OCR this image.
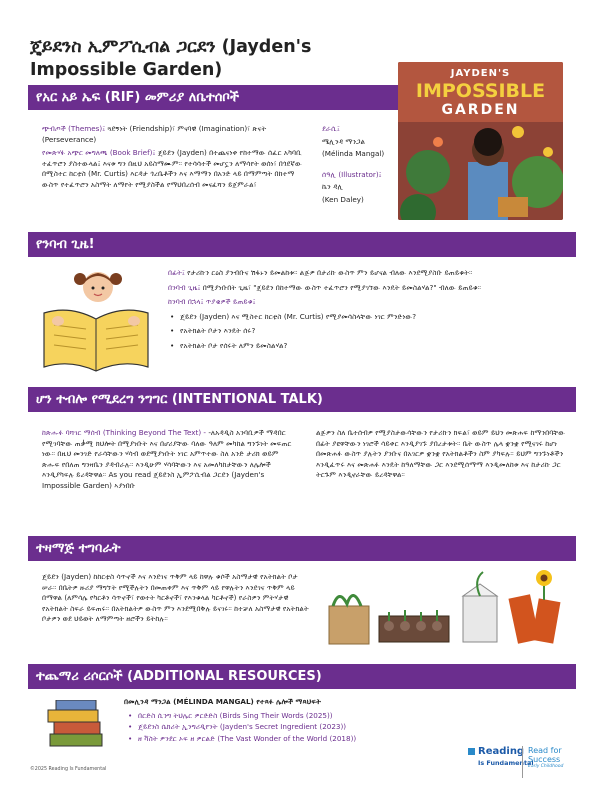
ጄይደንስ ኢምፖሲብል ጋርደን (Jayden's Impossible Garden)	JAYDEN'S
IMPOSSIBLE
GARDEN
የአር አይ ኤፍ (RIF) መምሪያ ለቤተሰቦች

ጭብጦች (Themes)፤ ጓደኝነት (Friendship)፣ ምናባዊ (Imagination)፣ ጽናት (Perseverance)

የመጽሃፉ አጭር መግለጫ (Book Brief)፤ ጄይደን (Jayden) በተጨናነቀ የከተማው ሰፈር አካባቢ ተፈጥሮን ያስተውላል፤ እናቱ ግን በዚህ አይስማሙም። የተሳሳተች መሆኗን ለማሳየት ወሰነ፣ በጎደኛው በሚስተር ከርቲስ (Mr. Curtis) እርዳታ ጎረቤቶችን እና እማማን በአንድ ላይ በማምጣት በከተማ ውስጥ የተፈጥሮን አስማት ለማየት የሚያስችል የማህበረሰብ መናፈሻን ይጀምራል፣

ደራሲ፤

ሜሊንዳ ማንጋል

(Mélinda Mangal)

ሰዓሊ (Illustrator)፤

ኬን ዳሊ

(Ken Daley)

የንባብ ጊዜ!

በፊት፤ የታሪኩን ርዕስ ያንብቡና ሽፋኑን ይመልከቱ። ልጅዎ በታሪኩ ውስጥ ምን ይሆናል ብለው እንደሚያስቡ ይጠይቁት።

በንባብ ጊዜ፤ በሚያነቡበት ጊዜ፣ "ጄይደን በከተማው ውስጥ ተፈጥሮን የሚያገኘው እንዴት ይመስልሃል?" ብለው ይጠይቁ።

ከንባብ በኋላ፤ ጥያቄዎች ይጠይቁ፤

• ጄይደን (Jayden) እና ሚስተር ከርቲስ (Mr. Curtis) የሚያመሳስላቸው ነገር ምንድነው?
• የአትክልት ቦታን እንዴት ሰሩ?
• የአትክልት ቦታ የሰሩት ለምን ይመስልሃል?
ሆን ተብሎ የሚደረግ ንግግር (INTENTIONAL TALK)
ከጽሑፉ ባሻገር ማሰብ (Thinking Beyond The Text) - -ለአዳዲስ አንባቢዎች ማዳበር የሚገባቸው ጠቃሚ ክህሎት በሚያነቡት እና በሆሪያቸው ባለው ዓለም መካከል ግንኙነት መፍጠር ነው። በዚህ መንገድ የራሳቸውን ሃሳብ ወደሚያነቡት ነገር አምጥተው ስለ አንድ ታሪክ ወይም ጽሑፍ የበለጠ ግንዛቤን ያዳብራሉ። እንዲሁም ሃሳባቸውን እና አመለካከታቸውን ለሌሎች እንዲያካፍሉ ይረዳቸዋል። As you read ጄይደንስ ኢምፖሲብል ጋርደን (Jayden's Impossible Garden) ኣያነበቡ
ልጅዎን ስለ ቤተሰብዎ የሚያስታውሳቸውን የታሪኩን ክፍል፣ ወይም ይህን መጽሐፍ ከማንበባቸው በፊት ያዩዋቸውን ነገሮች ሳይቀር እንዲያገኙ ያበረታቱት። ቤት ውስጥ ሌላ ቋንቋ የሚናገሩ ከሆነ በመጽሐፉ ውስጥ ያሉትን ያንቡና በአገርዎ ቋንቋ የአትክልቶችን ስም ያካፍሉ። ይህም ግንኙነቶችን እንዲፈጥሩ እና መጽሐፉ እንዴት ከዓለማቸው ጋር እንደሚሰማማ እንዲመለከቱ እና ከታሪኩ ጋር ትርጉም እንዲኖራቸው ይረዳቸዋል።
ተዛማጅ ተግባራት
ጄይደን (Jayden) ከከርቲስ ሳጥኖች እና እንደገና ጥቅም ላይ ከዋሉ ቁሶች አስማታዊ የአትክልት ቦታ ሠራ። በቤትዎ ዙሪያ ማግኘት የሚችሉትን በመጠቀም እና ጥቅም ላይ የዋሉትን እንደገና ጥቅም ላይ በማዋል (ለምሳሌ የካርቶን ሳጥኖች፣ የወተት ካርቶኖች፣ የእንቁላል ካርቶኖች) የራስዎን ምትሃታዊ የአትክልት ስፍራ ይፍጠሩ። በአትክልትዎ ውስጥ ምን እንደሚበቅሉ ይናገሩ። ከተቻለ አስማታዊ የአትክልት ቦታዎን ወደ ህይወት ለማምጣት ዘሮችን ይትከሉ።
ተጨማሪ ሪሶርሶች (ADDITIONAL RESOURCES)

በመሊንዳ ማንጋል (MÉLINDA MANGAL) የተጻፉ ሌሎች ማጻህፍት

• በርድስ ሲንግ ትህሌር ዎርድድስ (Birds Sing Their Words (2025))
• ጄይደንስ ሴክሪት ኢንግሪዲየንት (Jayden's Secret Ingredient (2023))
• ዘ ቫስት ዎንደር ኦፍ ዘ ዎርልድ (The Vast Wonder of the World (2018))
©2025 Reading Is Fundamental
Reading
Is Fundamental
Read for Success
Early Childhood
